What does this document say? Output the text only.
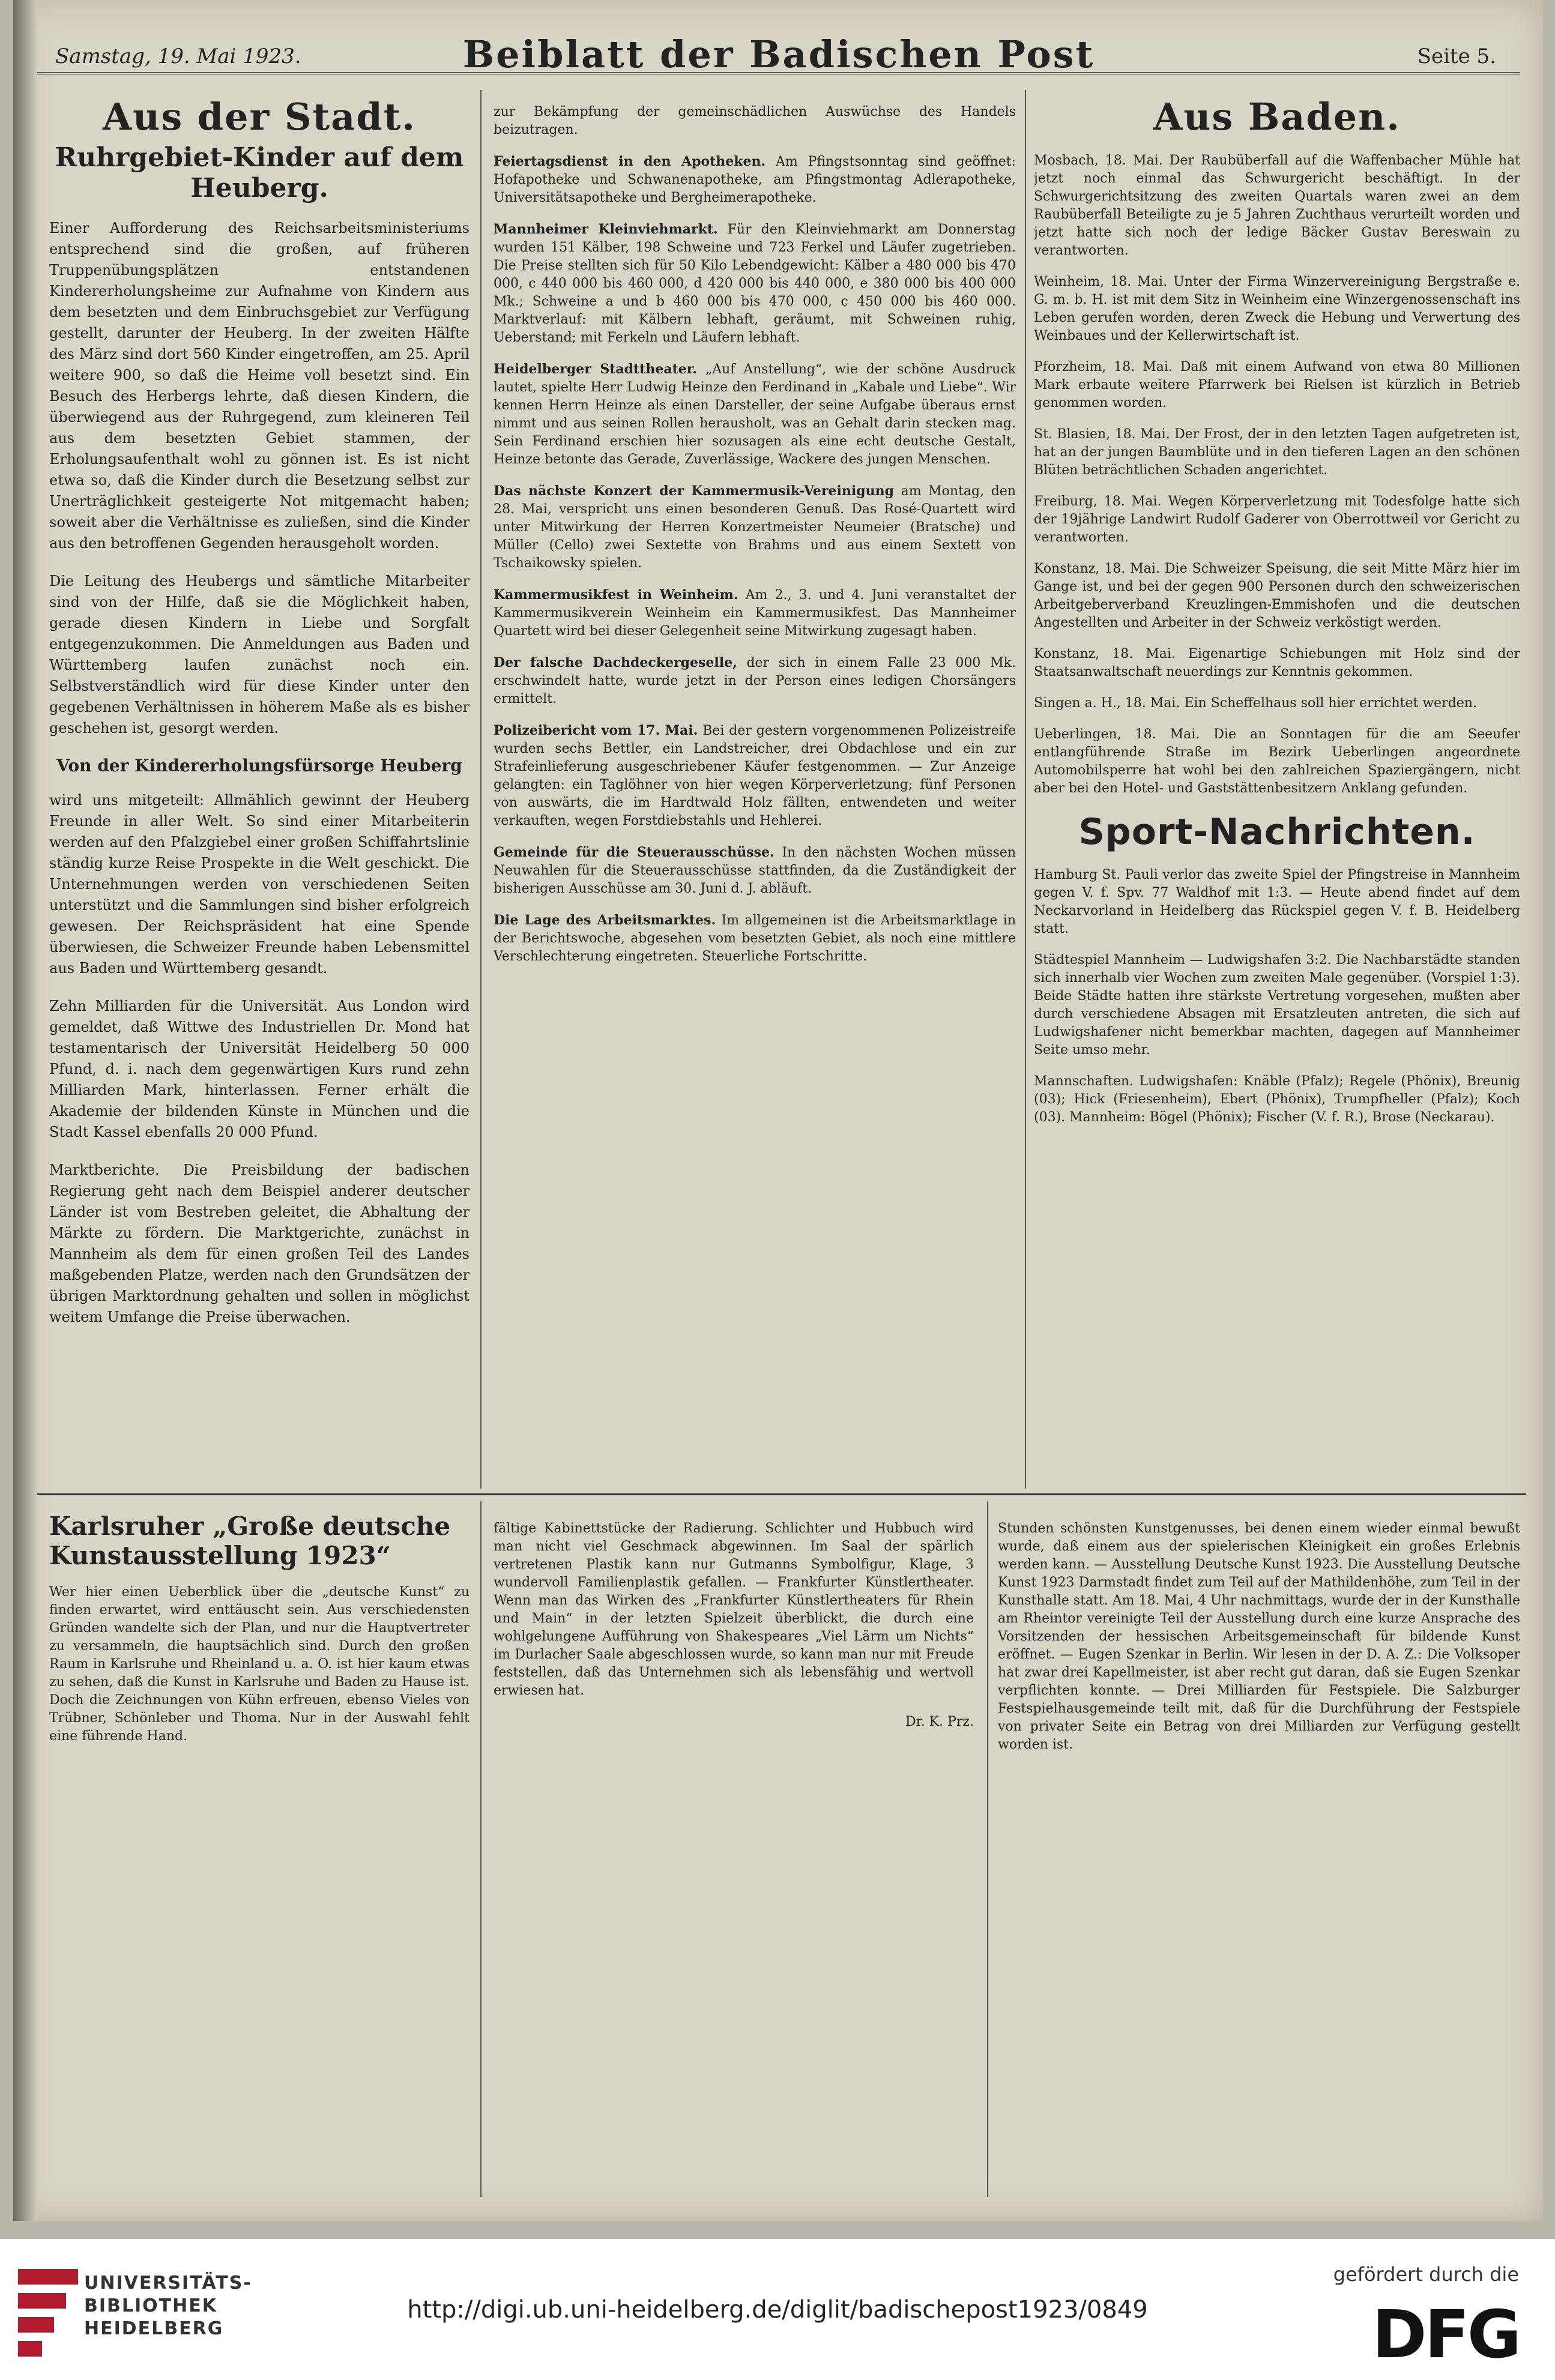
Samstag, 19. Mai 1923.	Beiblatt der Badischen Post	Seite 5.
Aus der Stadt.
Ruhrgebiet-Kinder auf dem Heuberg.

Einer Aufforderung des Reichsarbeitsministeriums entsprechend sind die großen, auf früheren Truppenübungsplätzen entstandenen Kindererholungsheime zur Aufnahme von Kindern aus dem besetzten und dem Einbruchsgebiet zur Verfügung gestellt, darunter der Heuberg. In der zweiten Hälfte des März sind dort 560 Kinder eingetroffen, am 25. April weitere 900, so daß die Heime voll besetzt sind. Ein Besuch des Herbergs lehrte, daß diesen Kindern, die überwiegend aus der Ruhrgegend, zum kleineren Teil aus dem besetzten Gebiet stammen, der Erholungsaufenthalt wohl zu gönnen ist. Es ist nicht etwa so, daß die Kinder durch die Besetzung selbst zur Unerträglichkeit gesteigerte Not mitgemacht haben; soweit aber die Verhältnisse es zuließen, sind die Kinder aus den betroffenen Gegenden herausgeholt worden.

Die Leitung des Heubergs und sämtliche Mitarbeiter sind von der Hilfe, daß sie die Möglichkeit haben, gerade diesen Kindern in Liebe und Sorgfalt entgegenzukommen. Die Anmeldungen aus Baden und Württemberg laufen zunächst noch ein. Selbstverständlich wird für diese Kinder unter den gegebenen Verhältnissen in höherem Maße als es bisher geschehen ist, gesorgt werden.

Von der Kindererholungsfürsorge Heuberg

wird uns mitgeteilt: Allmählich gewinnt der Heuberg Freunde in aller Welt. So sind einer Mitarbeiterin werden auf den Pfalzgiebel einer großen Schiffahrtslinie ständig kurze Reise Prospekte in die Welt geschickt. Die Unternehmungen werden von verschiedenen Seiten unterstützt und die Sammlungen sind bisher erfolgreich gewesen. Der Reichspräsident hat eine Spende überwiesen, die Schweizer Freunde haben Lebensmittel aus Baden und Württemberg gesandt.

Zehn Milliarden für die Universität. Aus London wird gemeldet, daß Wittwe des Industriellen Dr. Mond hat testamentarisch der Universität Heidelberg 50 000 Pfund, d. i. nach dem gegenwärtigen Kurs rund zehn Milliarden Mark, hinterlassen. Ferner erhält die Akademie der bildenden Künste in München und die Stadt Kassel ebenfalls 20 000 Pfund.

Marktberichte. Die Preisbildung der badischen Regierung geht nach dem Beispiel anderer deutscher Länder ist vom Bestreben geleitet, die Abhaltung der Märkte zu fördern. Die Marktgerichte, zunächst in Mannheim als dem für einen großen Teil des Landes maßgebenden Platze, werden nach den Grundsätzen der übrigen Marktordnung gehalten und sollen in möglichst weitem Umfange die Preise überwachen.

zur Bekämpfung der gemeinschädlichen Auswüchse des Handels beizutragen.

Feiertagsdienst in den Apotheken. Am Pfingstsonntag sind geöffnet: Hofapotheke und Schwanenapotheke, am Pfingstmontag Adlerapotheke, Universitätsapotheke und Bergheimerapotheke.

Mannheimer Kleinviehmarkt. Für den Kleinviehmarkt am Donnerstag wurden 151 Kälber, 198 Schweine und 723 Ferkel und Läufer zugetrieben. Die Preise stellten sich für 50 Kilo Lebendgewicht: Kälber a 480 000 bis 470 000, c 440 000 bis 460 000, d 420 000 bis 440 000, e 380 000 bis 400 000 Mk.; Schweine a und b 460 000 bis 470 000, c 450 000 bis 460 000. Marktverlauf: mit Kälbern lebhaft, geräumt, mit Schweinen ruhig, Ueberstand; mit Ferkeln und Läufern lebhaft.

Heidelberger Stadttheater. „Auf Anstellung“, wie der schöne Ausdruck lautet, spielte Herr Ludwig Heinze den Ferdinand in „Kabale und Liebe“. Wir kennen Herrn Heinze als einen Darsteller, der seine Aufgabe überaus ernst nimmt und aus seinen Rollen herausholt, was an Gehalt darin stecken mag. Sein Ferdinand erschien hier sozusagen als eine echt deutsche Gestalt, Heinze betonte das Gerade, Zuverlässige, Wackere des jungen Menschen.

Das nächste Konzert der Kammermusik-Vereinigung am Montag, den 28. Mai, verspricht uns einen besonderen Genuß. Das Rosé-Quartett wird unter Mitwirkung der Herren Konzertmeister Neumeier (Bratsche) und Müller (Cello) zwei Sextette von Brahms und aus einem Sextett von Tschaikowsky spielen.

Kammermusikfest in Weinheim. Am 2., 3. und 4. Juni veranstaltet der Kammermusikverein Weinheim ein Kammermusikfest. Das Mannheimer Quartett wird bei dieser Gelegenheit seine Mitwirkung zugesagt haben.

Der falsche Dachdeckergeselle, der sich in einem Falle 23 000 Mk. erschwindelt hatte, wurde jetzt in der Person eines ledigen Chorsängers ermittelt.

Polizeibericht vom 17. Mai. Bei der gestern vorgenommenen Polizeistreife wurden sechs Bettler, ein Landstreicher, drei Obdachlose und ein zur Strafeinlieferung ausgeschriebener Käufer festgenommen. — Zur Anzeige gelangten: ein Taglöhner von hier wegen Körperverletzung; fünf Personen von auswärts, die im Hardtwald Holz fällten, entwendeten und weiter verkauften, wegen Forstdiebstahls und Hehlerei.

Gemeinde für die Steuerausschüsse. In den nächsten Wochen müssen Neuwahlen für die Steuerausschüsse stattfinden, da die Zuständigkeit der bisherigen Ausschüsse am 30. Juni d. J. abläuft.

Die Lage des Arbeitsmarktes. Im allgemeinen ist die Arbeitsmarktlage in der Berichtswoche, abgesehen vom besetzten Gebiet, als noch eine mittlere Verschlechterung eingetreten. Steuerliche Fortschritte.

Aus Baden.

Mosbach, 18. Mai. Der Raubüberfall auf die Waffenbacher Mühle hat jetzt noch einmal das Schwurgericht beschäftigt. In der Schwurgerichtsitzung des zweiten Quartals waren zwei an dem Raubüberfall Beteiligte zu je 5 Jahren Zuchthaus verurteilt worden und jetzt hatte sich noch der ledige Bäcker Gustav Bereswain zu verantworten.

Weinheim, 18. Mai. Unter der Firma Winzervereinigung Bergstraße e. G. m. b. H. ist mit dem Sitz in Weinheim eine Winzergenossenschaft ins Leben gerufen worden, deren Zweck die Hebung und Verwertung des Weinbaues und der Kellerwirtschaft ist.

Pforzheim, 18. Mai. Daß mit einem Aufwand von etwa 80 Millionen Mark erbaute weitere Pfarrwerk bei Rielsen ist kürzlich in Betrieb genommen worden.

St. Blasien, 18. Mai. Der Frost, der in den letzten Tagen aufgetreten ist, hat an der jungen Baumblüte und in den tieferen Lagen an den schönen Blüten beträchtlichen Schaden angerichtet.

Freiburg, 18. Mai. Wegen Körperverletzung mit Todesfolge hatte sich der 19jährige Landwirt Rudolf Gaderer von Oberrottweil vor Gericht zu verantworten.

Konstanz, 18. Mai. Die Schweizer Speisung, die seit Mitte März hier im Gange ist, und bei der gegen 900 Personen durch den schweizerischen Arbeitgeberverband Kreuzlingen-Emmishofen und die deutschen Angestellten und Arbeiter in der Schweiz verköstigt werden.

Konstanz, 18. Mai. Eigenartige Schiebungen mit Holz sind der Staatsanwaltschaft neuerdings zur Kenntnis gekommen.

Singen a. H., 18. Mai. Ein Scheffelhaus soll hier errichtet werden.

Ueberlingen, 18. Mai. Die an Sonntagen für die am Seeufer entlangführende Straße im Bezirk Ueberlingen angeordnete Automobilsperre hat wohl bei den zahlreichen Spaziergängern, nicht aber bei den Hotel- und Gaststättenbesitzern Anklang gefunden.

Sport-Nachrichten.

Hamburg St. Pauli verlor das zweite Spiel der Pfingstreise in Mannheim gegen V. f. Spv. 77 Waldhof mit 1:3. — Heute abend findet auf dem Neckarvorland in Heidelberg das Rückspiel gegen V. f. B. Heidelberg statt.

Städtespiel Mannheim — Ludwigshafen 3:2. Die Nachbarstädte standen sich innerhalb vier Wochen zum zweiten Male gegenüber. (Vorspiel 1:3). Beide Städte hatten ihre stärkste Vertretung vorgesehen, mußten aber durch verschiedene Absagen mit Ersatzleuten antreten, die sich auf Ludwigshafener nicht bemerkbar machten, dagegen auf Mannheimer Seite umso mehr.

Mannschaften. Ludwigshafen: Knäble (Pfalz); Regele (Phönix), Breunig (03); Hick (Friesenheim), Ebert (Phönix), Trumpfheller (Pfalz); Koch (03). Mannheim: Bögel (Phönix); Fischer (V. f. R.), Brose (Neckarau).

Karlsruher „Große deutsche Kunstausstellung 1923“

Wer hier einen Ueberblick über die „deutsche Kunst“ zu finden erwartet, wird enttäuscht sein. Aus verschiedensten Gründen wandelte sich der Plan, und nur die Hauptvertreter zu versammeln, die hauptsächlich sind. Durch den großen Raum in Karlsruhe und Rheinland u. a. O. ist hier kaum etwas zu sehen, daß die Kunst in Karlsruhe und Baden zu Hause ist. Doch die Zeichnungen von Kühn erfreuen, ebenso Vieles von Trübner, Schönleber und Thoma. Nur in der Auswahl fehlt eine führende Hand.

fältige Kabinettstücke der Radierung. Schlichter und Hubbuch wird man nicht viel Geschmack abgewinnen. Im Saal der spärlich vertretenen Plastik kann nur Gutmanns Symbolfigur, Klage, 3 wundervoll Familienplastik gefallen. — Frankfurter Künstlertheater. Wenn man das Wirken des „Frankfurter Künstlertheaters für Rhein und Main“ in der letzten Spielzeit überblickt, die durch eine wohlgelungene Aufführung von Shakespeares „Viel Lärm um Nichts“ im Durlacher Saale abgeschlossen wurde, so kann man nur mit Freude feststellen, daß das Unternehmen sich als lebensfähig und wertvoll erwiesen hat.

Dr. K. Prz.

Stunden schönsten Kunstgenusses, bei denen einem wieder einmal bewußt wurde, daß einem aus der spielerischen Kleinigkeit ein großes Erlebnis werden kann. — Ausstellung Deutsche Kunst 1923. Die Ausstellung Deutsche Kunst 1923 Darmstadt findet zum Teil auf der Mathildenhöhe, zum Teil in der Kunsthalle statt. Am 18. Mai, 4 Uhr nachmittags, wurde der in der Kunsthalle am Rheintor vereinigte Teil der Ausstellung durch eine kurze Ansprache des Vorsitzenden der hessischen Arbeitsgemeinschaft für bildende Kunst eröffnet. — Eugen Szenkar in Berlin. Wir lesen in der D. A. Z.: Die Volksoper hat zwar drei Kapellmeister, ist aber recht gut daran, daß sie Eugen Szenkar verpflichten konnte. — Drei Milliarden für Festspiele. Die Salzburger Festspielhausgemeinde teilt mit, daß für die Durchführung der Festspiele von privater Seite ein Betrag von drei Milliarden zur Verfügung gestellt worden ist.

UNIVERSITÄTS-
BIBLIOTHEK
HEIDELBERG
http://digi.ub.uni-heidelberg.de/diglit/badischepost1923/0849
gefördert durch die
DFG
